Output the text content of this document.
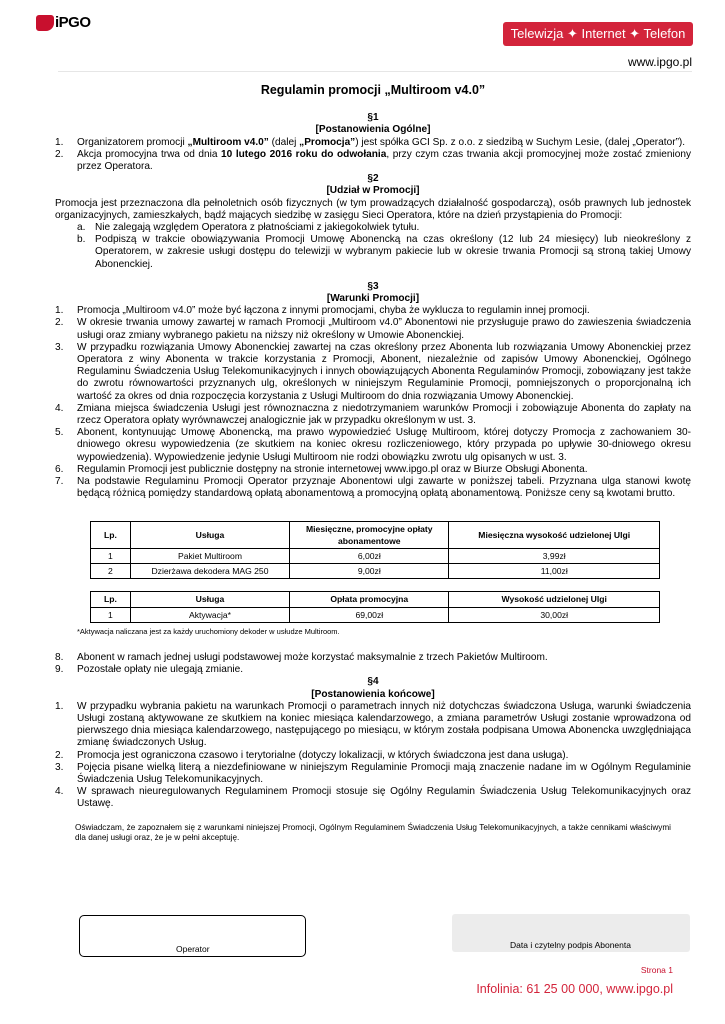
iPGO
Telewizja ✦ Internet ✦ Telefon
www.ipgo.pl
Regulamin promocji „Multiroom v4.0”
§1
[Postanowienia Ogólne]
1. Organizatorem promocji „Multiroom v4.0” (dalej „Promocja”) jest spółka GCI Sp. z o.o. z siedzibą w Suchym Lesie, (dalej „Operator”).
2. Akcja promocyjna trwa od dnia 10 lutego 2016 roku do odwołania, przy czym czas trwania akcji promocyjnej może zostać zmieniony przez Operatora.
§2
[Udział w Promocji]

Promocja jest przeznaczona dla pełnoletnich osób fizycznych (w tym prowadzących działalność gospodarczą), osób prawnych lub jednostek organizacyjnych, zamieszkałych, bądź mających siedzibę w zasięgu Sieci Operatora, które na dzień przystąpienia do Promocji:

a. Nie zalegają względem Operatora z płatnościami z jakiegokolwiek tytułu.
b. Podpiszą w trakcie obowiązywania Promocji Umowę Abonencką na czas określony (12 lub 24 miesięcy) lub nieokreślony z Operatorem, w zakresie usługi dostępu do telewizji w wybranym pakiecie lub w okresie trwania Promocji są stroną takiej Umowy Abonenckiej.
§3
[Warunki Promocji]
1. Promocja „Multiroom v4.0” może być łączona z innymi promocjami, chyba że wyklucza to regulamin innej promocji.
2. W okresie trwania umowy zawartej w ramach Promocji „Multiroom v4.0” Abonentowi nie przysługuje prawo do zawieszenia świadczenia usługi oraz zmiany wybranego pakietu na niższy niż określony w Umowie Abonenckiej.
3. W przypadku rozwiązania Umowy Abonenckiej zawartej na czas określony przez Abonenta lub rozwiązania Umowy Abonenckiej przez Operatora z winy Abonenta w trakcie korzystania z Promocji, Abonent, niezależnie od zapisów Umowy Abonenckiej, Ogólnego Regulaminu Świadczenia Usług Telekomunikacyjnych i innych obowiązujących Abonenta Regulaminów Promocji, zobowiązany jest także do zwrotu równowartości przyznanych ulg, określonych w niniejszym Regulaminie Promocji, pomniejszonych o proporcjonalną ich wartość za okres od dnia rozpoczęcia korzystania z Usługi Multiroom do dnia rozwiązania Umowy Abonenckiej.
4. Zmiana miejsca świadczenia Usługi jest równoznaczna z niedotrzymaniem warunków Promocji i zobowiązuje Abonenta do zapłaty na rzecz Operatora opłaty wyrównawczej analogicznie jak w przypadku określonym w ust. 3.
5. Abonent, kontynuując Umowę Abonencką, ma prawo wypowiedzieć Usługę Multiroom, której dotyczy Promocja z zachowaniem 30-dniowego okresu wypowiedzenia (ze skutkiem na koniec okresu rozliczeniowego, który przypada po upływie 30-dniowego okresu wypowiedzenia). Wypowiedzenie jedynie Usługi Multiroom nie rodzi obowiązku zwrotu ulg opisanych w ust. 3.
6. Regulamin Promocji jest publicznie dostępny na stronie internetowej www.ipgo.pl oraz w Biurze Obsługi Abonenta.
7. Na podstawie Regulaminu Promocji Operator przyznaje Abonentowi ulgi zawarte w poniższej tabeli. Przyznana ulga stanowi kwotę będącą różnicą pomiędzy standardową opłatą abonamentową a promocyjną opłatą abonamentową. Poniższe ceny są kwotami brutto.
Lp.	Usługa	Miesięczne, promocyjne opłaty abonamentowe	Miesięczna wysokość udzielonej Ulgi
1	Pakiet Multiroom	6,00zł	3,99zł
2	Dzierżawa dekodera MAG 250	9,00zł	11,00zł
Lp.	Usługa	Opłata promocyjna	Wysokość udzielonej Ulgi
1	Aktywacja*	69,00zł	30,00zł
*Aktywacja naliczana jest za każdy uruchomiony dekoder w usłudze Multiroom.
8. Abonent w ramach jednej usługi podstawowej może korzystać maksymalnie z trzech Pakietów Multiroom.
9. Pozostałe opłaty nie ulegają zmianie.
§4
[Postanowienia końcowe]
1. W przypadku wybrania pakietu na warunkach Promocji o parametrach innych niż dotychczas świadczona Usługa, warunki świadczenia Usługi zostaną aktywowane ze skutkiem na koniec miesiąca kalendarzowego, a zmiana parametrów Usługi zostanie wprowadzona od pierwszego dnia miesiąca kalendarzowego, następującego po miesiącu, w którym została podpisana Umowa Abonencka uwzględniająca zmianę świadczonych Usług.
2. Promocja jest ograniczona czasowo i terytorialne (dotyczy lokalizacji, w których świadczona jest dana usługa).
3. Pojęcia pisane wielką literą a niezdefiniowane w niniejszym Regulaminie Promocji mają znaczenie nadane im w Ogólnym Regulaminie Świadczenia Usług Telekomunikacyjnych.
4. W sprawach nieuregulowanych Regulaminem Promocji stosuje się Ogólny Regulamin Świadczenia Usług Telekomunikacyjnych oraz Ustawę.
Oświadczam, że zapoznałem się z warunkami niniejszej Promocji, Ogólnym Regulaminem Świadczenia Usług Telekomunikacyjnych, a także cennikami właściwymi dla danej usługi oraz, że je w pełni akceptuję.
Operator	Data i czytelny podpis Abonenta
Strona 1
Infolinia: 61 25 00 000, www.ipgo.pl
